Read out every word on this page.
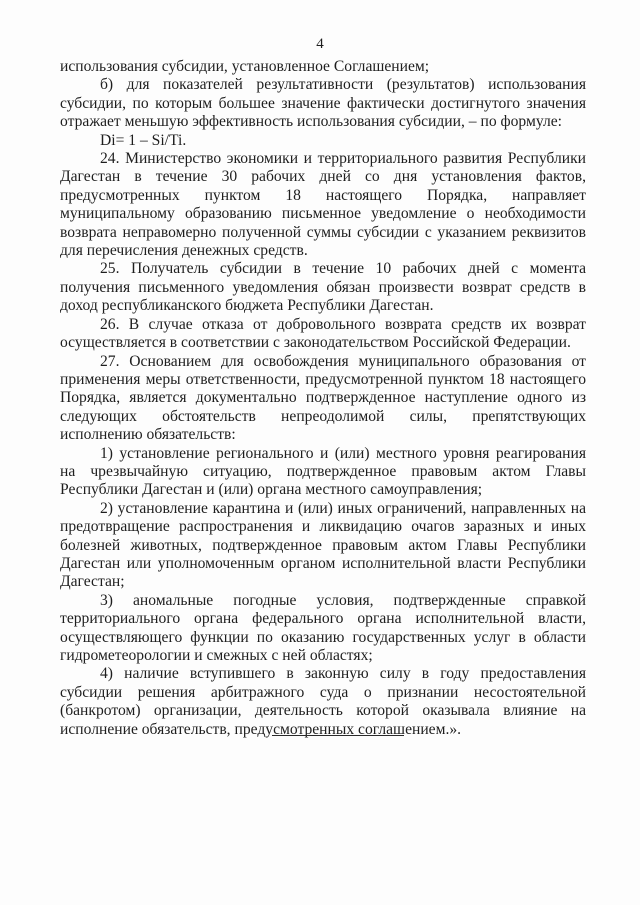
4

использования субсидии, установленное Соглашением;

б) для показателей результативности (результатов) использования субсидии, по которым большее значение фактически достигнутого значения отражает меньшую эффективность использования субсидии, – по формуле:

Di= 1 – Si/Ti.

24. Министерство экономики и территориального развития Республики Дагестан в течение 30 рабочих дней со дня установления фактов, предусмотренных пунктом 18 настоящего Порядка, направляет муниципальному образованию письменное уведомление о необходимости возврата неправомерно полученной суммы субсидии с указанием реквизитов для перечисления денежных средств.

25. Получатель субсидии в течение 10 рабочих дней с момента получения письменного уведомления обязан произвести возврат средств в доход республиканского бюджета Республики Дагестан.

26. В случае отказа от добровольного возврата средств их возврат осуществляется в соответствии с законодательством Российской Федерации.

27. Основанием для освобождения муниципального образования от применения меры ответственности, предусмотренной пунктом 18 настоящего Порядка, является документально подтвержденное наступление одного из следующих обстоятельств непреодолимой силы, препятствующих исполнению обязательств:

1) установление регионального и (или) местного уровня реагирования на чрезвычайную ситуацию, подтвержденное правовым актом Главы Республики Дагестан и (или) органа местного самоуправления;

2) установление карантина и (или) иных ограничений, направленных на предотвращение распространения и ликвидацию очагов заразных и иных болезней животных, подтвержденное правовым актом Главы Республики Дагестан или уполномоченным органом исполнительной власти Республики Дагестан;

3) аномальные погодные условия, подтвержденные справкой территориального органа федерального органа исполнительной власти, осуществляющего функции по оказанию государственных услуг в области гидрометеорологии и смежных с ней областях;

4) наличие вступившего в законную силу в году предоставления субсидии решения арбитражного суда о признании несостоятельной (банкротом) организации, деятельность которой оказывала влияние на исполнение обязательств, предусмотренных соглашением.».
